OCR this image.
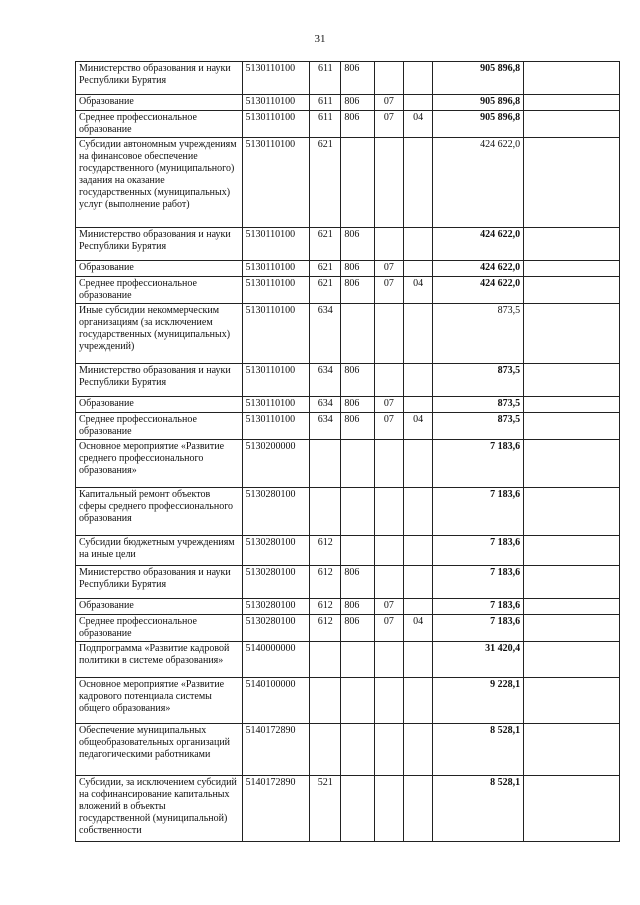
31
Министерство образования и науки Республики Бурятия	5130110100	611	806			905 896,8	
Образование	5130110100	611	806	07		905 896,8	
Среднее профессиональное образование	5130110100	611	806	07	04	905 896,8	
Субсидии автономным учреждениям на финансовое обеспечение государственного (муниципального) задания на оказание государственных (муниципальных) услуг (выполнение работ)	5130110100	621				424 622,0	
Министерство образования и науки Республики Бурятия	5130110100	621	806			424 622,0	
Образование	5130110100	621	806	07		424 622,0	
Среднее профессиональное образование	5130110100	621	806	07	04	424 622,0	
Иные субсидии некоммерческим организациям (за исключением государственных (муниципальных) учреждений)	5130110100	634				873,5	
Министерство образования и науки Республики Бурятия	5130110100	634	806			873,5	
Образование	5130110100	634	806	07		873,5	
Среднее профессиональное образование	5130110100	634	806	07	04	873,5	
Основное мероприятие «Развитие среднего профессионального образования»	5130200000					7 183,6	
Капитальный ремонт объектов сферы среднего профессионального образования	5130280100					7 183,6	
Субсидии бюджетным учреждениям на иные цели	5130280100	612				7 183,6	
Министерство образования и науки Республики Бурятия	5130280100	612	806			7 183,6	
Образование	5130280100	612	806	07		7 183,6	
Среднее профессиональное образование	5130280100	612	806	07	04	7 183,6	
Подпрограмма «Развитие кадровой политики в системе образования»	5140000000					31 420,4	
Основное мероприятие «Развитие кадрового потенциала системы общего образования»	5140100000					9 228,1	
Обеспечение муниципальных общеобразовательных организаций педагогическими работниками	5140172890					8 528,1	
Субсидии, за исключением субсидий на софинансирование капитальных вложений в объекты государственной (муниципальной) собственности	5140172890	521				8 528,1	
